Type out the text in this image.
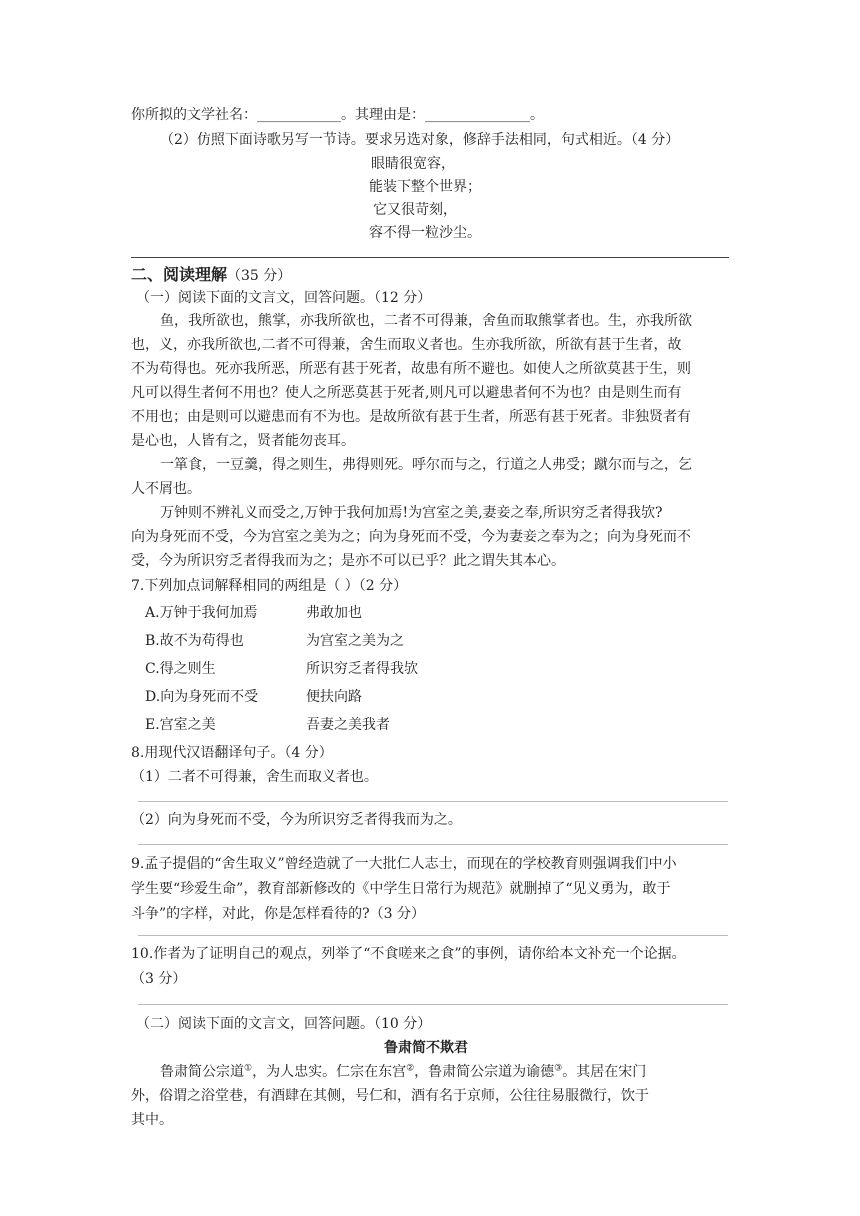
你所拟的文学社名：____________。其理由是：_______________。
（2）仿照下面诗歌另写一节诗。要求另选对象，修辞手法相同，句式相近。（4 分）
眼睛很宽容，
能装下整个世界；
它又很苛刻，
容不得一粒沙尘。
二、阅读理解（35 分）
（一）阅读下面的文言文，回答问题。（12 分）
鱼，我所欲也，熊掌，亦我所欲也，二者不可得兼，舍鱼而取熊掌者也。生，亦我所欲
也，义，亦我所欲也,二者不可得兼，舍生而取义者也。生亦我所欲，所欲有甚于生者，故
不为苟得也。死亦我所恶，所恶有甚于死者，故患有所不避也。如使人之所欲莫甚于生，则
凡可以得生者何不用也？使人之所恶莫甚于死者,则凡可以避患者何不为也？由是则生而有
不用也；由是则可以避患而有不为也。是故所欲有甚于生者，所恶有甚于死者。非独贤者有
是心也，人皆有之，贤者能勿丧耳。
一箪食，一豆羹，得之则生，弗得则死。呼尔而与之，行道之人弗受；蹴尔而与之，乞
人不屑也。
万钟则不辨礼义而受之,万钟于我何加焉!为宫室之美,妻妾之奉,所识穷乏者得我欤?
向为身死而不受，今为宫室之美为之；向为身死而不受，今为妻妾之奉为之；向为身死而不
受，今为所识穷乏者得我而为之；是亦不可以已乎？此之谓失其本心。
7.下列加点词解释相同的两组是（ ）（2 分）
A.万钟于我何加焉	弗敢加也
B.故不为苟得也	为宫室之美为之
C.得之则生	所识穷乏者得我欤
D.向为身死而不受	便扶向路
E.宫室之美	吾妻之美我者
8.用现代汉语翻译句子。（4 分）
（1）二者不可得兼，舍生而取义者也。
（2）向为身死而不受，今为所识穷乏者得我而为之。
9.孟子提倡的“舍生取义”曾经造就了一大批仁人志士，而现在的学校教育则强调我们中小
学生要“珍爱生命”，教育部新修改的《中学生日常行为规范》就删掉了“见义勇为，敢于
斗争”的字样，对此，你是怎样看待的?（3 分）
10.作者为了证明自己的观点，列举了“不食嗟来之食”的事例，请你给本文补充一个论据。
（3 分）
（二）阅读下面的文言文，回答问题。（10 分）
鲁肃简不欺君
鲁肃简公宗道①，为人忠实。仁宗在东宫②，鲁肃简公宗道为谕德③。其居在宋门
外，俗谓之浴堂巷，有酒肆在其侧，号仁和，酒有名于京师，公往往易服微行，饮于
其中。
